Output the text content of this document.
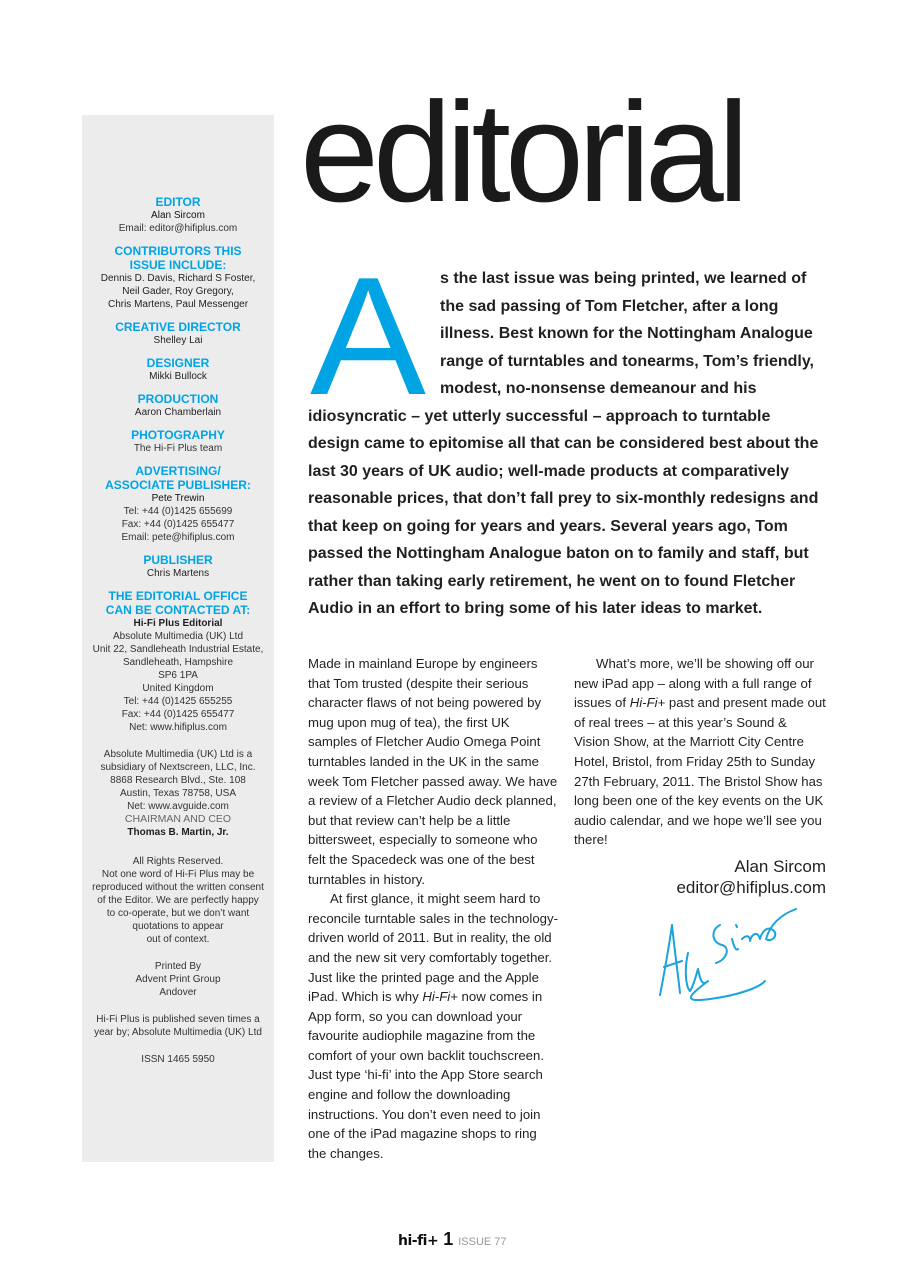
EDITOR
Alan Sircom
Email: editor@hifiplus.com
CONTRIBUTORS THIS
ISSUE INCLUDE:
Dennis D. Davis, Richard S Foster,
Neil Gader, Roy Gregory,
Chris Martens, Paul Messenger
CREATIVE DIRECTOR
Shelley Lai
DESIGNER
Mikki Bullock
PRODUCTION
Aaron Chamberlain
PHOTOGRAPHY
The Hi-Fi Plus team
ADVERTISING/
ASSOCIATE PUBLISHER:
Pete Trewin
Tel: +44 (0)1425 655699
Fax: +44 (0)1425 655477
Email: pete@hifiplus.com
PUBLISHER
Chris Martens
THE EDITORIAL OFFICE
CAN BE CONTACTED AT:
Hi-Fi Plus Editorial
Absolute Multimedia (UK) Ltd
Unit 22, Sandleheath Industrial Estate,
Sandleheath, Hampshire
SP6 1PA
United Kingdom
Tel: +44 (0)1425 655255
Fax: +44 (0)1425 655477
Net: www.hifiplus.com
Absolute Multimedia (UK) Ltd is a
subsidiary of Nextscreen, LLC, Inc.
8868 Research Blvd., Ste. 108
Austin, Texas 78758, USA
Net: www.avguide.com
CHAIRMAN AND CEO
Thomas B. Martin, Jr.
All Rights Reserved.
Not one word of Hi-Fi Plus may be
reproduced without the written consent
of the Editor. We are perfectly happy
to co-operate, but we don’t want
quotations to appear
out of context.
Printed By
Advent Print Group
Andover
Hi-Fi Plus is published seven times a
year by; Absolute Multimedia (UK) Ltd
ISSN 1465 5950
editorial
A s the last issue was being printed, we learned of the sad passing of Tom Fletcher, after a long illness. Best known for the Nottingham Analogue range of turntables and tonearms, Tom’s friendly, modest, no-nonsense demeanour and his idiosyncratic – yet utterly successful – approach to turntable design came to epitomise all that can be considered best about the last 30 years of UK audio; well-made products at comparatively reasonable prices, that don’t fall prey to six-monthly redesigns and that keep on going for years and years. Several years ago, Tom passed the Nottingham Analogue baton on to family and staff, but rather than taking early retirement, he went on to found Fletcher Audio in an effort to bring some of his later ideas to market.

Made in mainland Europe by engineers that Tom trusted (despite their serious character flaws of not being powered by mug upon mug of tea), the first UK samples of Fletcher Audio Omega Point turntables landed in the UK in the same week Tom Fletcher passed away. We have a review of a Fletcher Audio deck planned, but that review can’t help be a little bittersweet, especially to someone who felt the Spacedeck was one of the best turntables in history.

At first glance, it might seem hard to reconcile turntable sales in the technology-driven world of 2011. But in reality, the old and the new sit very comfortably together. Just like the printed page and the Apple iPad. Which is why Hi-Fi+ now comes in App form, so you can download your favourite audiophile magazine from the comfort of your own backlit touchscreen. Just type ‘hi-fi’ into the App Store search engine and follow the downloading instructions. You don’t even need to join one of the iPad magazine shops to ring the changes.

What’s more, we’ll be showing off our new iPad app – along with a full range of issues of Hi-Fi+ past and present made out of real trees – at this year’s Sound & Vision Show, at the Marriott City Centre Hotel, Bristol, from Friday 25th to Sunday 27th February, 2011. The Bristol Show has long been one of the key events on the UK audio calendar, and we hope we’ll see you there!

Alan Sircom
editor@hifiplus.com
hi-fi+ 1 ISSUE 77
